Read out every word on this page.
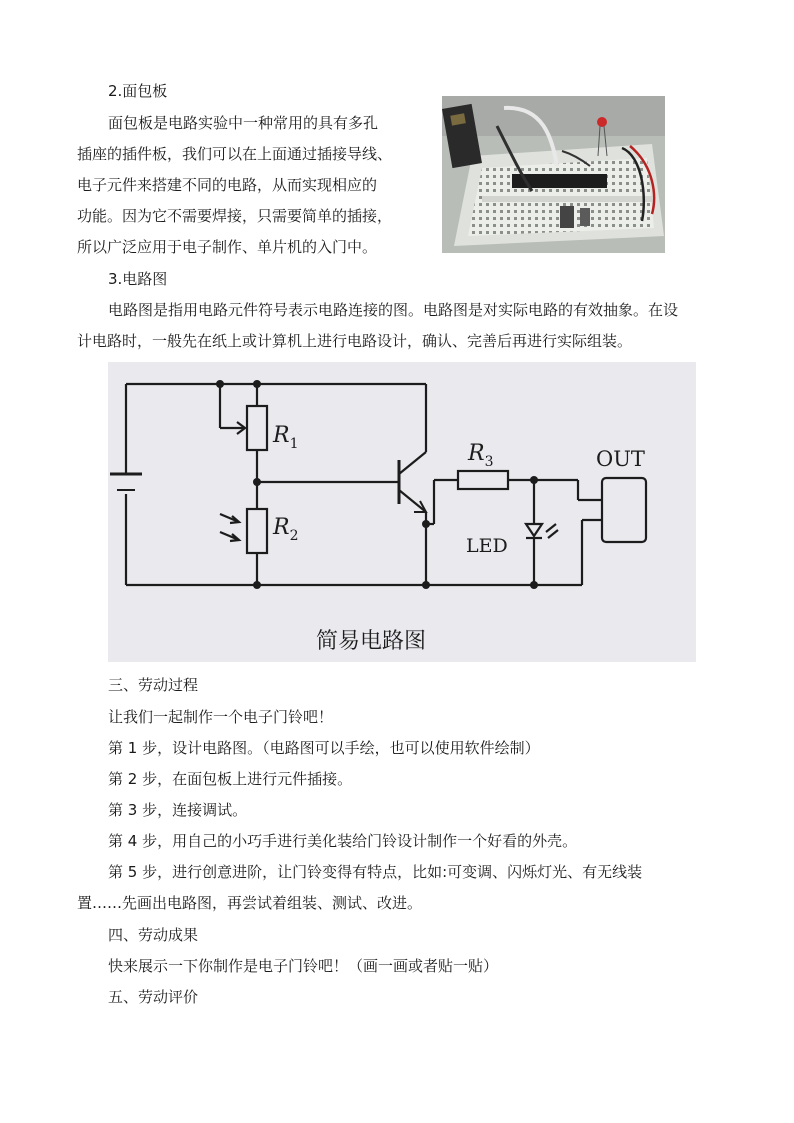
2.面包板
面包板是电路实验中一种常用的具有多孔
插座的插件板，我们可以在上面通过插接导线、
电子元件来搭建不同的电路，从而实现相应的
功能。因为它不需要焊接，只需要简单的插接，
所以广泛应用于电子制作、单片机的入门中。
3.电路图
电路图是指用电路元件符号表示电路连接的图。电路图是对实际电路的有效抽象。在设
计电路时，一般先在纸上或计算机上进行电路设计，确认、完善后再进行实际组装。
$R_1$
$R_2$
$R_3$	OUT
LED
简易电路图
三、劳动过程
让我们一起制作一个电子门铃吧！
第 1 步，设计电路图。（电路图可以手绘，也可以使用软件绘制）
第 2 步，在面包板上进行元件插接。
第 3 步，连接调试。
第 4 步，用自己的小巧手进行美化装给门铃设计制作一个好看的外壳。
第 5 步，进行创意进阶，让门铃变得有特点，比如:可变调、闪烁灯光、有无线装
置……先画出电路图，再尝试着组装、测试、改进。
四、劳动成果
快来展示一下你制作是电子门铃吧！（画一画或者贴一贴）
五、劳动评价
